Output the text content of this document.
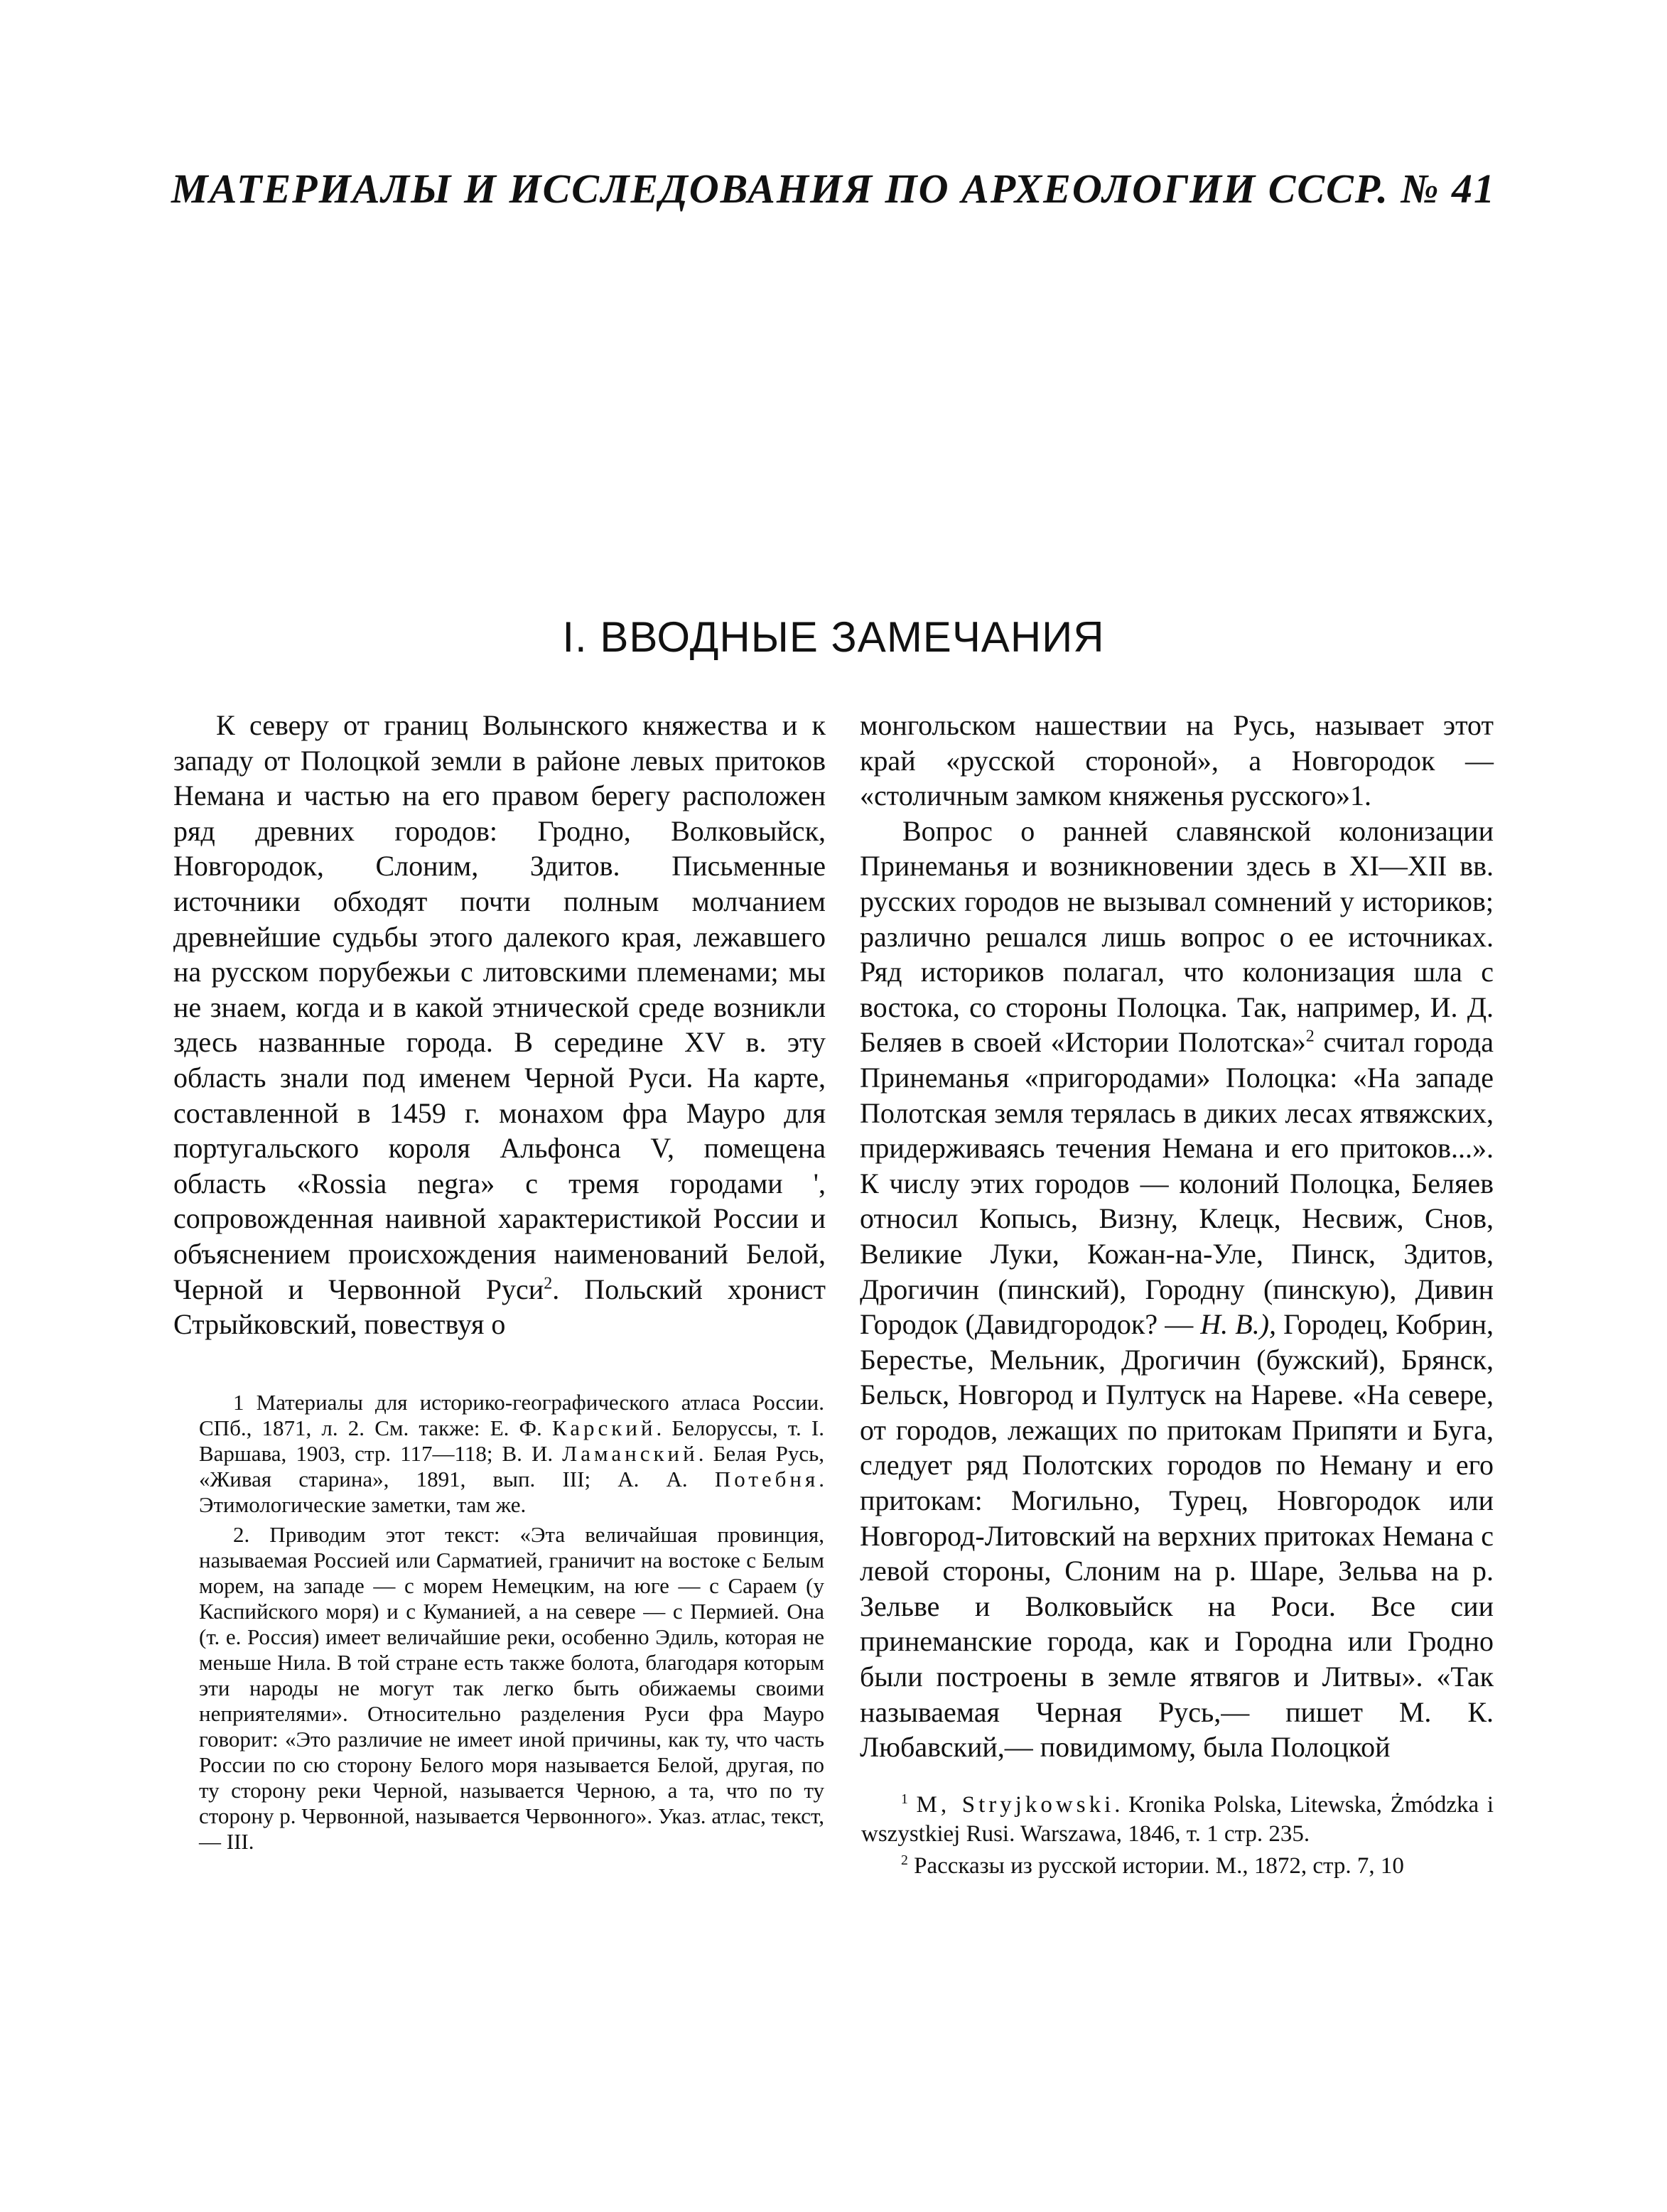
МАТЕРИАЛЫ И ИССЛЕДОВАНИЯ ПО АРХЕОЛОГИИ СССР. № 41
I. ВВОДНЫЕ ЗАМЕЧАНИЯ

К северу от границ Волынского княжества и к западу от Полоцкой земли в районе левых притоков Немана и частью на его правом берегу расположен ряд древних городов: Гродно, Волковыйск, Новгородок, Слоним, Здитов. Письменные источники обходят почти полным молчанием древнейшие судьбы этого далекого края, лежавшего на русском порубежьи с литовскими племенами; мы не знаем, когда и в какой этнической среде возникли здесь названные города. В середине XV в. эту область знали под именем Черной Руси. На карте, составленной в 1459 г. монахом фра Мауро для португальского короля Альфонса V, помещена область «Rossia negra» с тремя городами ', сопровожденная наивной характеристикой России и объяснением происхождения наименований Белой, Черной и Червонной Руси$^2$. Польский хронист Стрыйковский, повествуя о

монгольском нашествии на Русь, называет этот край «русской стороной», а Новгородок — «столичным замком княженья русского»1.

Вопрос о ранней славянской колонизации Принеманья и возникновении здесь в XI—XII вв. русских городов не вызывал сомнений у историков; различно решался лишь вопрос о ее источниках. Ряд историков полагал, что колонизация шла с востока, со стороны Полоцка. Так, например, И. Д. Беляев в своей «Истории Полотска»$^2$ считал города Принеманья «пригородами» Полоцка: «На западе Полотская земля терялась в диких лесах ятвяжских, придерживаясь течения Немана и его притоков...». К числу этих городов — колоний Полоцка, Беляев относил Копысь, Визну, Клецк, Несвиж, Снов, Великие Луки, Кожан-на-Уле, Пинск, Здитов, Дрогичин (пинский), Городну (пинскую), Дивин Городок (Давидгородок? — Н. В.), Городец, Кобрин, Берестье, Мельник, Дрогичин (бужский), Брянск, Бельск, Новгород и Пултуск на Нареве. «На севере, от городов, лежащих по притокам Припяти и Буга, следует ряд Полотских городов по Неману и его притокам: Могильно, Турец, Новгородок или Новгород-Литовский на верхних притоках Немана с левой стороны, Слоним на р. Шаре, Зельва на р. Зельве и Волковыйск на Роси. Все сии принеманские города, как и Городна или Гродно были построены в земле ятвягов и Литвы». «Так называемая Черная Русь,— пишет М. К. Любавский,— повидимому, была Полоцкой

1 Материалы для историко-географического атласа России. СПб., 1871, л. 2. См. также: Е. Ф. Карский. Белоруссы, т. I. Варшава, 1903, стр. 117—118; В. И. Ламанский. Белая Русь, «Живая старина», 1891, вып. III; А. А. Потебня. Этимологические заметки, там же.

2. Приводим этот текст: «Эта величайшая провинция, называемая Россией или Сарматией, граничит на востоке с Белым морем, на западе — с морем Немецким, на юге — с Сараем (у Каспийского моря) и с Куманией, а на севере — с Пермией. Она (т. е. Россия) имеет величайшие реки, особенно Эдиль, которая не меньше Нила. В той стране есть также болота, благодаря которым эти народы не могут так легко быть обижаемы своими неприятелями». Относительно разделения Руси фра Мауро говорит: «Это различие не имеет иной причины, как ту, что часть России по сю сторону Белого моря называется Белой, другая, по ту сторону реки Черной, называется Черною, а та, что по ту сторону р. Червонной, называется Червонного». Указ. атлас, текст, — III.

$^1$ M, Stryjkowski. Kronika Polska, Litewska, Żmódzka i wszystkiej Rusi. Warszawa, 1846, т. 1 стр. 235.

$^2$ Рассказы из русской истории. М., 1872, стр. 7, 10
